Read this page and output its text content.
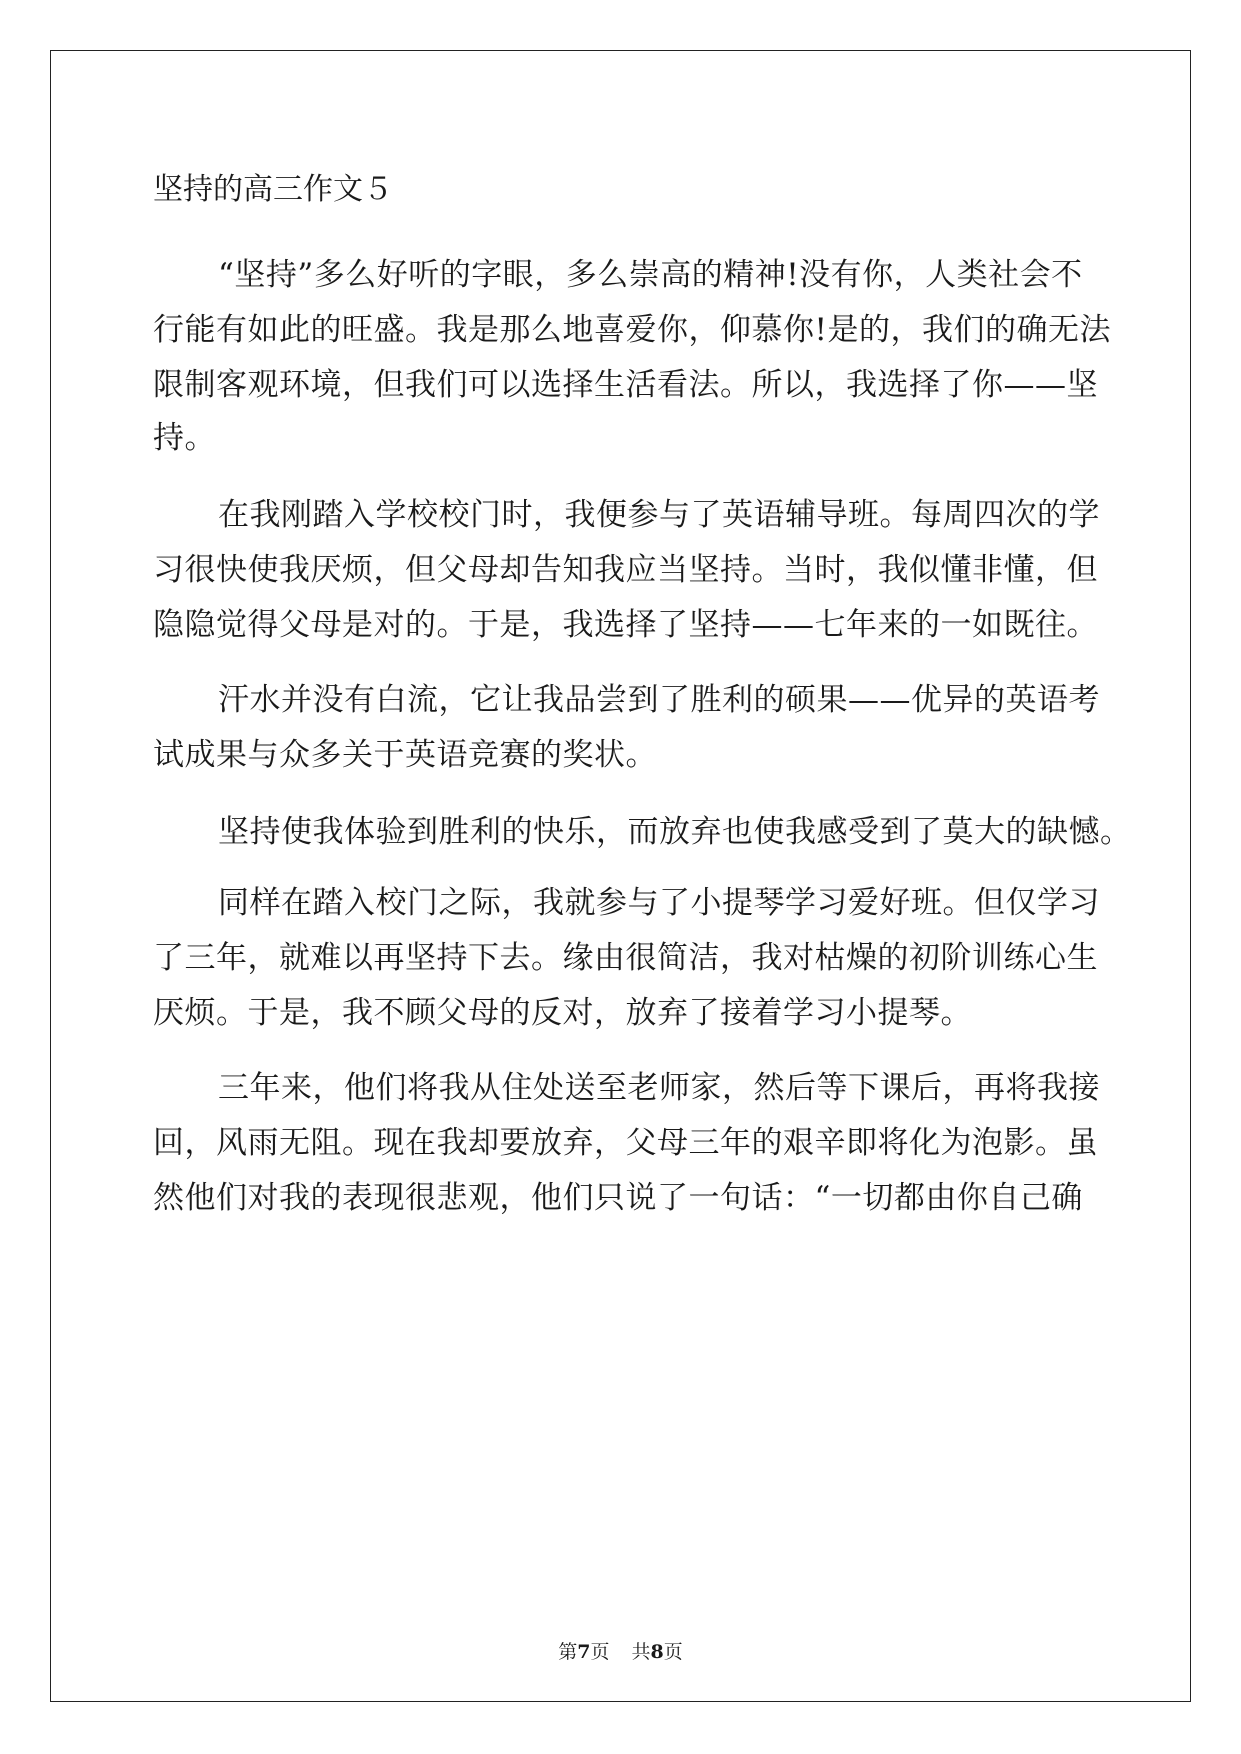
坚持的高三作文５
“坚持”多么好听的字眼，多么崇高的精神!没有你，人类社会不
行能有如此的旺盛。我是那么地喜爱你，仰慕你!是的，我们的确无法
限制客观环境，但我们可以选择生活看法。所以，我选择了你——坚
持。
在我刚踏入学校校门时，我便参与了英语辅导班。每周四次的学
习很快使我厌烦，但父母却告知我应当坚持。当时，我似懂非懂，但
隐隐觉得父母是对的。于是，我选择了坚持——七年来的一如既往。
汗水并没有白流，它让我品尝到了胜利的硕果——优异的英语考
试成果与众多关于英语竞赛的奖状。
坚持使我体验到胜利的快乐，而放弃也使我感受到了莫大的缺憾。
同样在踏入校门之际，我就参与了小提琴学习爱好班。但仅学习
了三年，就难以再坚持下去。缘由很简洁，我对枯燥的初阶训练心生
厌烦。于是，我不顾父母的反对，放弃了接着学习小提琴。
三年来，他们将我从住处送至老师家，然后等下课后，再将我接
回，风雨无阻。现在我却要放弃，父母三年的艰辛即将化为泡影。虽
然他们对我的表现很悲观，他们只说了一句话：“一切都由你自己确
第7页 共8页
